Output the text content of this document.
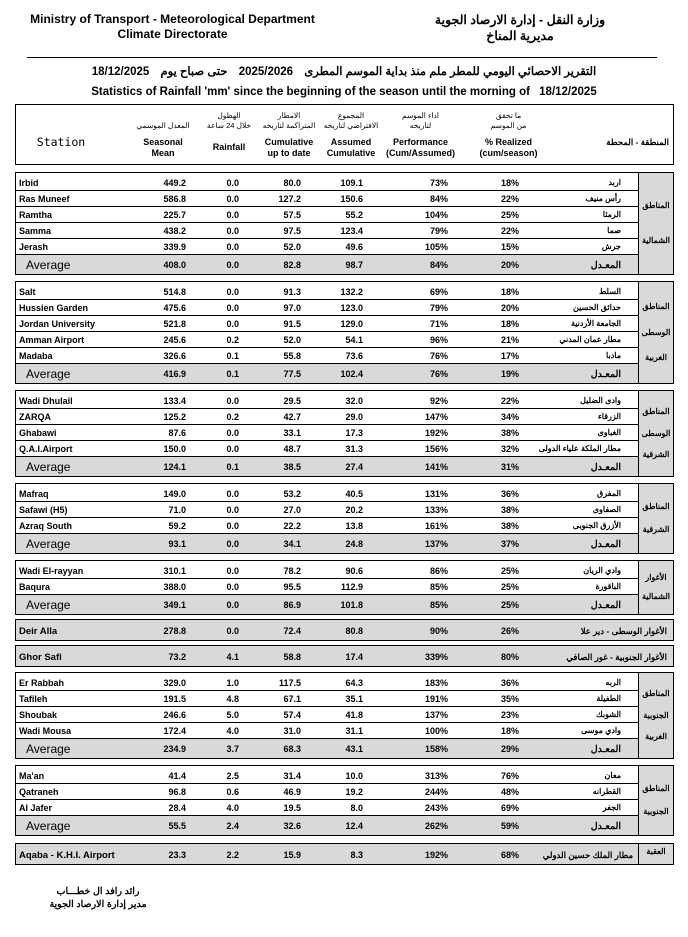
Ministry of Transport - Meteorological Department
Climate Directorate
وزارة النقل - إدارة الارصاد الجوية
مديرية المناخ
التقرير الاحصائي اليومي للمطر ملم منذ بداية الموسم المطرى 2025/2026 حتى صباح يوم 18/12/2025
Statistics of Rainfall 'mm' since the beginning of the season until the morning of 18/12/2025
Station
المعدل الموسمي
Seasonal
Mean
الهطول
خلال 24 ساعة
Rainfall
الامطار
المتراكمة لتاريخه
Cumulative
up to date
المجموع
الافتراضي لتاريخه
Assumed
Cumulative
اداء الموسم
لتاريخه
Performance
(Cum/Assumed)
ما تحقق
من الموسم
% Realized
(cum/season)
المنطقة - المحطة
Irbid	449.2	0.0	80.0	109.1	73%	18%	اربد
Ras Muneef	586.8	0.0	127.2	150.6	84%	22%	رأس منيف
Ramtha	225.7	0.0	57.5	55.2	104%	25%	الرمثا
Samma	438.2	0.0	97.5	123.4	79%	22%	صما
Jerash	339.9	0.0	52.0	49.6	105%	15%	جرش
Average	408.0	0.0	82.8	98.7	84%	20%	المعـدل
المناطق
الشمالية
Salt	514.8	0.0	91.3	132.2	69%	18%	السلط
Hussien Garden	475.6	0.0	97.0	123.0	79%	20%	حدائق الحسين
Jordan University	521.8	0.0	91.5	129.0	71%	18%	الجامعة الأردنية
Amman Airport	245.6	0.2	52.0	54.1	96%	21%	مطار عمان المدني
Madaba	326.6	0.1	55.8	73.6	76%	17%	مادبا
Average	416.9	0.1	77.5	102.4	76%	19%	المعـدل
المناطق
الوسطى
الغربية
Wadi Dhulail	133.4	0.0	29.5	32.0	92%	22%	وادى الضليل
ZARQA	125.2	0.2	42.7	29.0	147%	34%	الزرقاء
Ghabawi	87.6	0.0	33.1	17.3	192%	38%	الغباوى
Q.A.I.Airport	150.0	0.0	48.7	31.3	156%	32% مطار الملكة علياء الدولى
Average	124.1	0.1	38.5	27.4	141%	31%	المعـدل
المناطق
الوسطى
الشرقية
Mafraq	149.0	0.0	53.2	40.5	131%	36%	المفرق
Safawi (H5)	71.0	0.0	27.0	20.2	133%	38%	الصفاوى
Azraq South	59.2	0.0	22.2	13.8	161%	38%	الأزرق الجنوبى
Average	93.1	0.0	34.1	24.8	137%	37%	المعـدل
المناطق
الشرقية
Wadi El-rayyan	310.1	0.0	78.2	90.6	86%	25%	وادي الريان
Baqura	388.0	0.0	95.5	112.9	85%	25%	الباقورة
Average	349.1	0.0	86.9	101.8	85%	25%	المعـدل
الأغوار
الشمالية
Deir Alla	278.8	0.0	72.4	80.8	90%	26%	الأغوار الوسطى - دير علا
Ghor Safi	73.2	4.1	58.8	17.4	339%	80%	الأغوار الجنوبية - غور الصافي
Er Rabbah	329.0	1.0	117.5	64.3	183%	36%	الربه
Tafileh	191.5	4.8	67.1	35.1	191%	35%	الطفيلة
Shoubak	246.6	5.0	57.4	41.8	137%	23%	الشوبك
Wadi Mousa	172.4	4.0	31.0	31.1	100%	18%	وادي موسى
Average	234.9	3.7	68.3	43.1	158%	29%	المعـدل
المناطق
الجنوبية
الغربية
Ma'an	41.4	2.5	31.4	10.0	313%	76%	معان
Qatraneh	96.8	0.6	46.9	19.2	244%	48%	القطرانه
Al Jafer	28.4	4.0	19.5	8.0	243%	69%	الجفر
Average	55.5	2.4	32.6	12.4	262%	59%	المعـدل
المناطق
الجنوبية
العقبة
Aqaba - K.H.I. Airport	23.3	2.2	15.9	8.3	192%	68%	مطار الملك حسين الدولي
رائد رافد ال خطـــاب
مدير إدارة الارصاد الجوية
